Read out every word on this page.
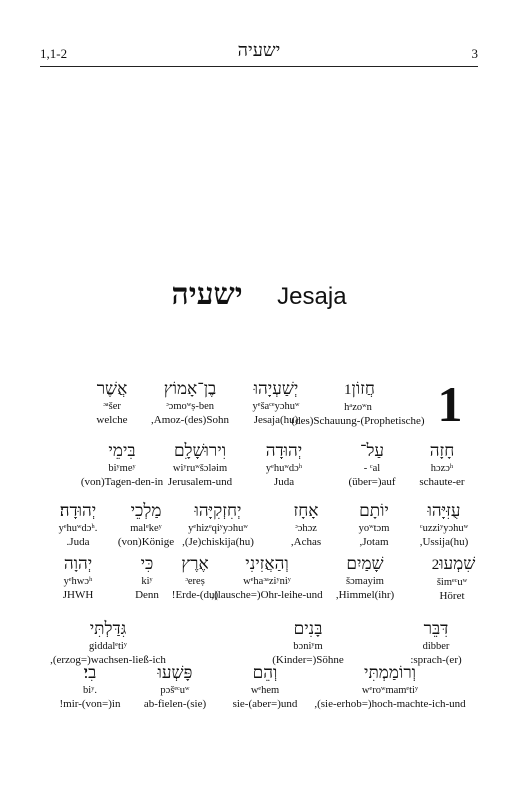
1,1-2	ישעיה	3
ישעיה Jesaja
1
חֲזוֹן1
hᵃzoʷn
(des)Schauung-(Prophetische)
יְשַׁעְיָהוּ
yᵉšaᶜᵉyɔhuʷ
Jesaja(hu)
בֶן־אָמוֹץ
ᵓɔmoʷṣ-ben
,Amoz-(des)Sohn
אֲשֶׁר
ᵓᵃšer
welche
חָזָה
hɔzɔʰ
schaute-er
עַל־
- ᶜal
(über=)auf
יְהוּדָה
yᵉhuʷdɔʰ
Juda
וִירוּשָׁלִָם
wiʸruʷšɔləim
Jerusalem-und
בִּימֵי
biʸmeʸ
(von)Tagen-den-in
עֻזִּיָּהוּ
ᶜuzziʸyɔhuʷ
,Ussija(hu)
יוֹתָם
yoʷtɔm
,Jotam
אָחָז
ᵓɔhɔz
,Achas
יְחִזְקִיָּהוּ
yᵉhizᵉqiʸyɔhuʷ
,(Je)chiskija(hu)
מַלְכֵי
malᵉkeʸ
(von)Könige
יְהוּדָה׃
yᵉhuʷdɔʰ.
.Juda
שִׁמְעוּ2
šimᵉᶜuʷ
Höret
שָׁמַיִם
šɔmayim
,Himmel(ihr)
וְהַאֲזִינִי
wᵉhaᵓᵃziʸniʸ
,(lausche=)Ohr-leihe-und
אֶרֶץ
ᵓereṣ
!Erde-(du)
כִּי
kiʸ
Denn
יְהוָה
yᵉhwɔʰ
JHWH
דִּבֵּר
dibber
:sprach-(er)
בָּנִים
bɔniʸm
(Kinder=)Söhne
גִּדַּלְתִּי
giddalᵉtiʸ
,(erzog=)wachsen-ließ-ich
וְרוֹמַמְתִּי
wᵉroʷmamᵉtiʸ
,(sie-erhob=)hoch-machte-ich-und
וְהֵם
wᵉhem
sie-(aber=)und
פָּשְׁעוּ
pɔšᵉᶜuʷ
ab-fielen-(sie)
בִי׃
biʸ.
!mir-(von=)in
